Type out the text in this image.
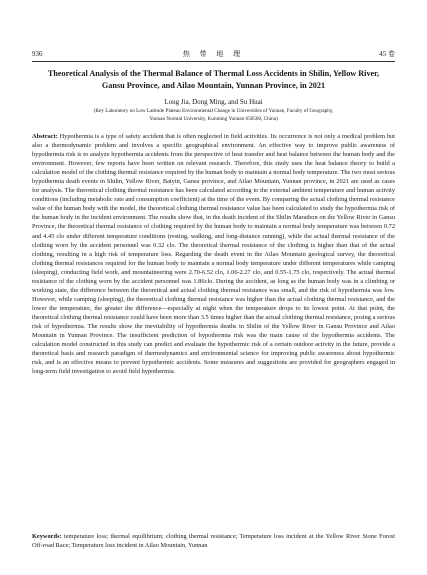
936	热 带 地 理	45 卷
Theoretical Analysis of the Thermal Balance of Thermal Loss Accidents in Shilin, Yellow River, Gansu Province, and Ailao Mountain, Yunnan Province, in 2021
Long Jia, Dong Ming, and Su Huai
(Key Laboratory on Low Latitude Plateau Environmental Change in Universities of Yunnan, Faculty of Geography,
Yunnan Normal University, Kunming Yunnan 650500, China)
Abstract: Hypothermia is a type of safety accident that is often neglected in field activities. Its occurrence is not only a medical problem but also a thermodynamic problem and involves a specific geographical environment. An effective way to improve public awareness of hypothermia risk is to analyze hypothermia accidents from the perspective of heat transfer and heat balance between the human body and the environment. However, few reports have been written on relevant research. Therefore, this study uses the heat balance theory to build a calculation model of the clothing thermal resistance required by the human body to maintain a normal body temperature. The two most serious hypothermia death events in Shilin, Yellow River, Baiyin, Gansu province, and Ailao Mountain, Yunnan province, in 2021 are used as cases for analysis. The theoretical clothing thermal resistance has been calculated according to the external ambient temperature and human activity conditions (including metabolic rate and consumption coefficient) at the time of the event. By comparing the actual clothing thermal resistance value of the human body with the model, the theoretical clothing thermal resistance value has been calculated to study the hypothermia risk of the human body in the incident environment. The results show that, in the death incident of the Shilin Marathon on the Yellow River in Gansu Province, the theoretical thermal resistance of clothing required by the human body to maintain a normal body temperature was between 0.72 and 4.45 clo under different temperature conditions (resting, walking, and long-distance running), while the actual thermal resistance of the clothing worn by the accident personnel was 0.32 clo. The theoretical thermal resistance of the clothing is higher than that of the actual clothing, resulting in a high risk of temperature loss. Regarding the death event in the Ailao Mountain geological survey, the theoretical clothing thermal resistances required for the human body to maintain a normal body temperature under different temperatures while camping (sleeping), conducting field work, and mountaineering were 2.70-6.52 clo, 1.06-2.27 clo, and 0.55-1.75 clo, respectively. The actual thermal resistance of the clothing worn by the accident personnel was 1.86clo. During the accident, as long as the human body was in a climbing or working state, the difference between the theoretical and actual clothing thermal resistance was small, and the risk of hypothermia was low. However, while camping (sleeping), the theoretical clothing thermal resistance was higher than the actual clothing thermal resistance, and the lower the temperature, the greater the difference—especially at night when the temperature drops to its lowest point. At that point, the theoretical clothing thermal resistance could have been more than 3.5 times higher than the actual clothing thermal resistance, posing a serious risk of hypothermia. The results show the inevitability of hypothermia deaths in Shilin of the Yellow River in Gansu Province and Ailao Mountain in Yunnan Province. The insufficient prediction of hypothermia risk was the main cause of the hypothermia accidents. The calculation model constructed in this study can predict and evaluate the hypothermic risk of a certain outdoor activity in the future, provide a theoretical basis and research paradigm of thermodynamics and environmental science for improving public awareness about hypothermic risk, and is an effective means to prevent hypothermic accidents. Some measures and suggestions are provided for geographers engaged in long-term field investigation to avoid field hypothermia.
Keywords: temperature loss; thermal equilibrium; clothing thermal resistance; Temperature loss incident at the Yellow River Stone Forest Off-road Race; Temperature loss incident in Ailao Mountain, Yunnan
